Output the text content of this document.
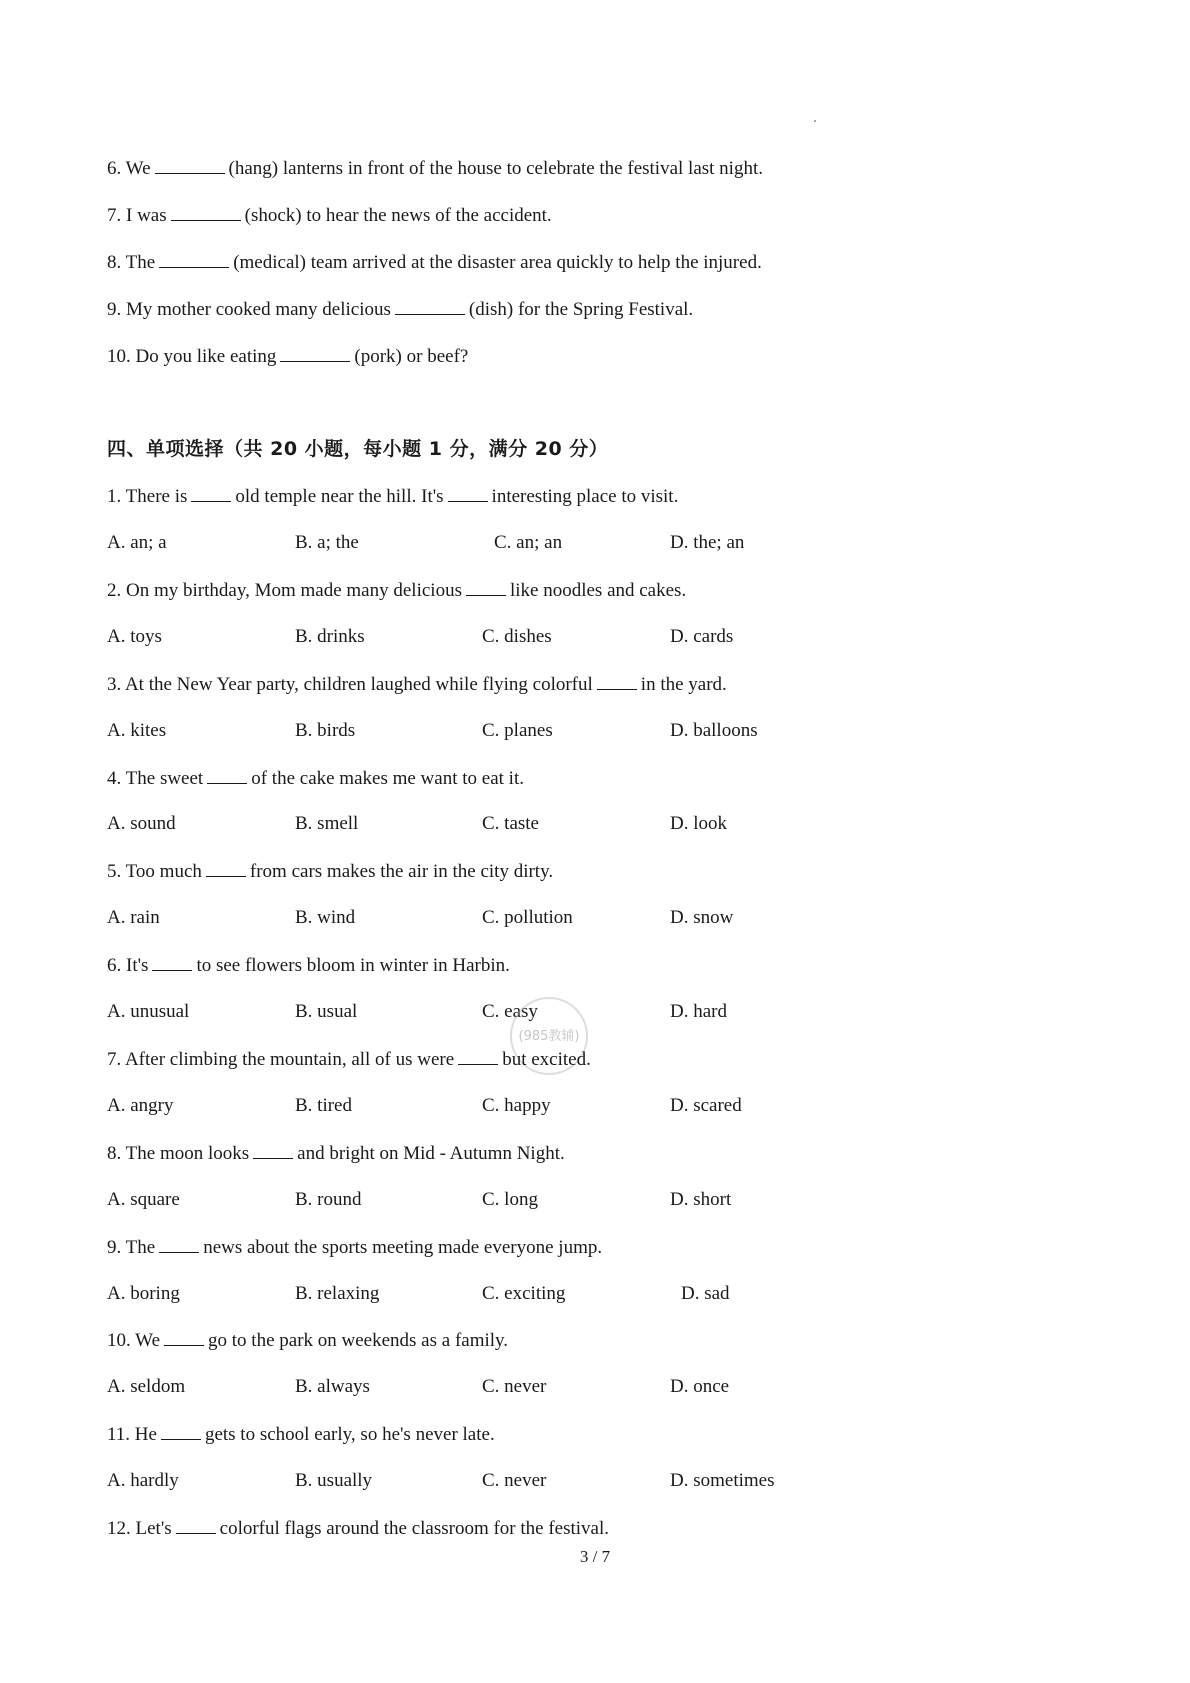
6. We	(hang) lanterns in front of the house to celebrate the festival last night.
7. I was	(shock) to hear the news of the accident.
8. The	(medical) team arrived at the disaster area quickly to help the injured.
9. My mother cooked many delicious	(dish) for the Spring Festival.
10. Do you like eating	(pork) or beef?
四、单项选择（共 20 小题，每小题 1 分，满分 20 分）
1. There is	old temple near the hill. It's	interesting place to visit.
A. an; a	B. a; the	C. an; an	D. the; an
2. On my birthday, Mom made many delicious	like noodles and cakes.
A. toys	B. drinks	C. dishes	D. cards
3. At the New Year party, children laughed while flying colorful	in the yard.
A. kites	B. birds	C. planes	D. balloons
4. The sweet	of the cake makes me want to eat it.
A. sound	B. smell	C. taste	D. look
5. Too much	from cars makes the air in the city dirty.
A. rain	B. wind	C. pollution	D. snow
6. It's	to see flowers bloom in winter in Harbin.
A. unusual	B. usual	C. easy	D. hard
(985教辅)
7. After climbing the mountain, all of us were	but excited.
A. angry	B. tired	C. happy	D. scared
8. The moon looks	and bright on Mid - Autumn Night.
A. square	B. round	C. long	D. short
9. The	news about the sports meeting made everyone jump.
A. boring	B. relaxing	C. exciting	D. sad
10. We	go to the park on weekends as a family.
A. seldom	B. always	C. never	D. once
11. He	gets to school early, so he's never late.
A. hardly	B. usually	C. never	D. sometimes
12. Let's	colorful flags around the classroom for the festival.
3 / 7
